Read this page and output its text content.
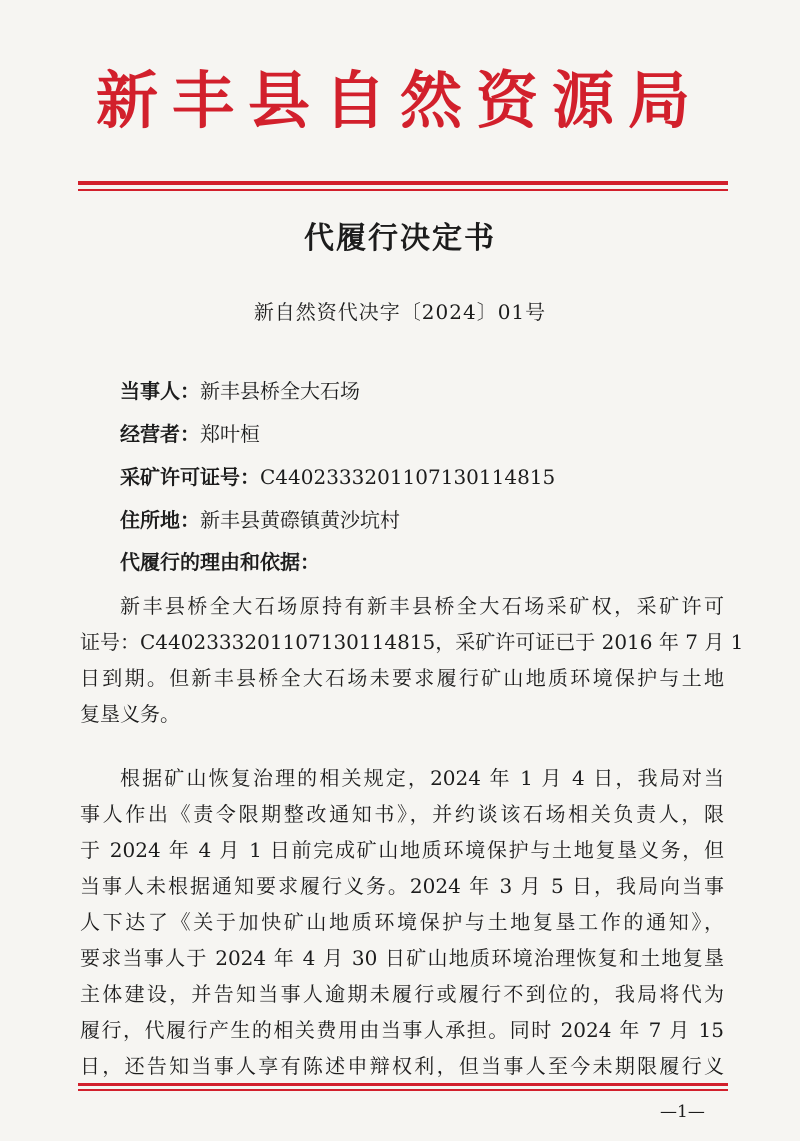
新丰县自然资源局
代履行决定书
新自然资代决字〔2024〕01号
当事人：新丰县桥全大石场
经营者：郑叶桓
采矿许可证号：C4402333201107130114815
住所地：新丰县黄磜镇黄沙坑村
代履行的理由和依据：
新丰县桥全大石场原持有新丰县桥全大石场采矿权，采矿许可
证号：C4402333201107130114815，采矿许可证已于 2016 年 7 月 1
日到期。但新丰县桥全大石场未要求履行矿山地质环境保护与土地
复垦义务。
根据矿山恢复治理的相关规定，2024 年 1 月 4 日，我局对当
事人作出《责令限期整改通知书》，并约谈该石场相关负责人，限
于 2024 年 4 月 1 日前完成矿山地质环境保护与土地复垦义务，但
当事人未根据通知要求履行义务。2024 年 3 月 5 日，我局向当事
人下达了《关于加快矿山地质环境保护与土地复垦工作的通知》，
要求当事人于 2024 年 4 月 30 日矿山地质环境治理恢复和土地复垦
主体建设，并告知当事人逾期未履行或履行不到位的，我局将代为
—1—
履行，代履行产生的相关费用由当事人承担。同时 2024 年 7 月 15
日，还告知当事人享有陈述申辩权利，但当事人至今未期限履行义
